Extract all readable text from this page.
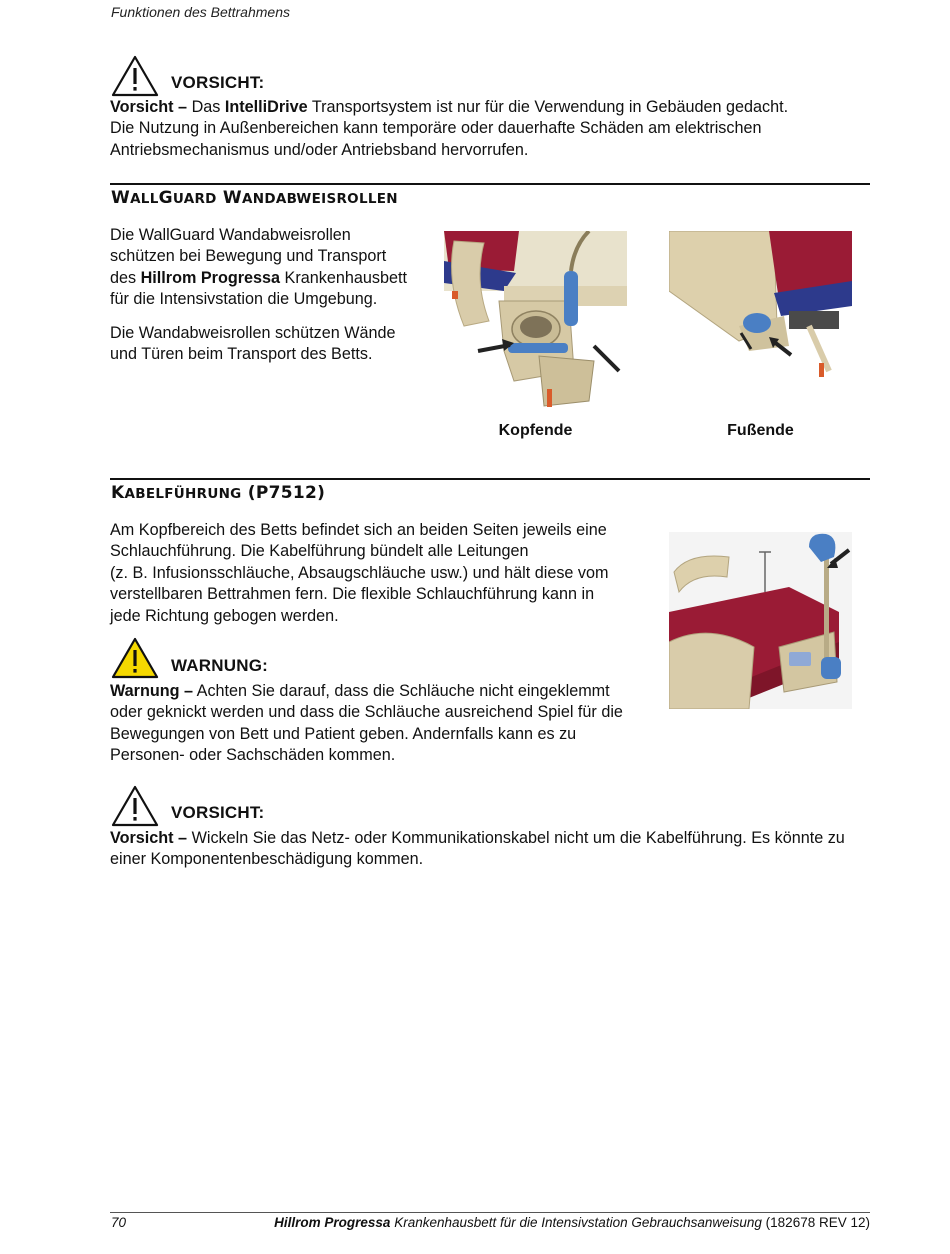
Funktionen des Bettrahmens
VORSICHT:
Vorsicht – Das IntelliDrive Transportsystem ist nur für die Verwendung in Gebäuden gedacht.
Die Nutzung in Außenbereichen kann temporäre oder dauerhafte Schäden am elektrischen
Antriebsmechanismus und/oder Antriebsband hervorrufen.
WALLGUARD WANDABWEISROLLEN
Die WallGuard Wandabweisrollen
schützen bei Bewegung und Transport
des Hillrom Progressa Krankenhausbett
für die Intensivstation die Umgebung.
Die Wandabweisrollen schützen Wände
und Türen beim Transport des Betts.
Kopfende	Fußende
KABELFÜHRUNG (P7512)
Am Kopfbereich des Betts befindet sich an beiden Seiten jeweils eine
Schlauchführung. Die Kabelführung bündelt alle Leitungen
(z. B. Infusionsschläuche, Absaugschläuche usw.) und hält diese vom
verstellbaren Bettrahmen fern. Die flexible Schlauchführung kann in
jede Richtung gebogen werden.
WARNUNG:
Warnung – Achten Sie darauf, dass die Schläuche nicht eingeklemmt
oder geknickt werden und dass die Schläuche ausreichend Spiel für die
Bewegungen von Bett und Patient geben. Andernfalls kann es zu
Personen- oder Sachschäden kommen.
VORSICHT:
Vorsicht – Wickeln Sie das Netz- oder Kommunikationskabel nicht um die Kabelführung. Es könnte zu
einer Komponentenbeschädigung kommen.
70	Hillrom Progressa Krankenhausbett für die Intensivstation Gebrauchsanweisung (182678 REV 12)
